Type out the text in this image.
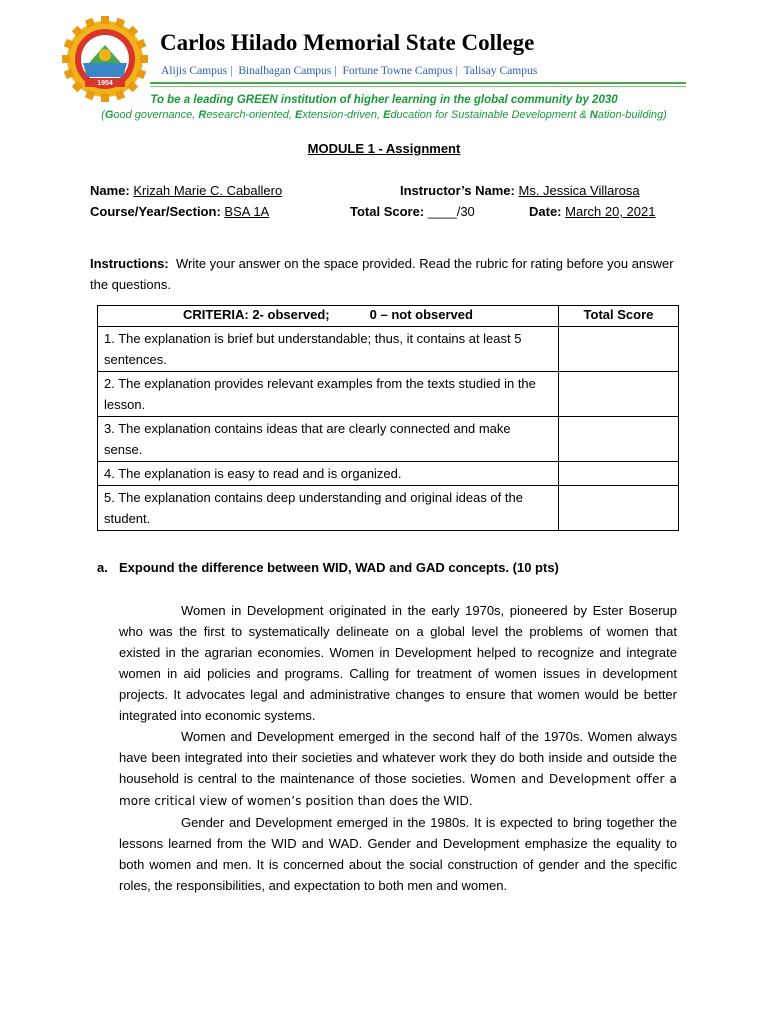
1954
Carlos Hilado Memorial State College
Alijis Campus | Binalbagan Campus | Fortune Towne Campus | Talisay Campus
To be a leading GREEN institution of higher learning in the global community by 2030
(Good governance, Research-oriented, Extension-driven, Education for Sustainable Development & Nation-building)
MODULE 1 - Assignment
Name: Krizah Marie C. Caballero	Instructor’s Name: Ms. Jessica Villarosa
Course/Year/Section: BSA 1A	Total Score: ____/30	Date: March 20, 2021
Instructions: Write your answer on the space provided. Read the rubric for rating before you answer the questions.
CRITERIA: 2- observed; 0 – not observed	Total Score
1. The explanation is brief but understandable; thus, it contains at least 5 sentences.	
2. The explanation provides relevant examples from the texts studied in the lesson.	
3. The explanation contains ideas that are clearly connected and make sense.	
4. The explanation is easy to read and is organized.	
5. The explanation contains deep understanding and original ideas of the student.	
a. Expound the difference between WID, WAD and GAD concepts. (10 pts)

Women in Development originated in the early 1970s, pioneered by Ester Boserup who was the first to systematically delineate on a global level the problems of women that existed in the agrarian economies. Women in Development helped to recognize and integrate women in aid policies and programs. Calling for treatment of women issues in development projects. It advocates legal and administrative changes to ensure that women would be better integrated into economic systems.

Women and Development emerged in the second half of the 1970s. Women always have been integrated into their societies and whatever work they do both inside and outside the household is central to the maintenance of those societies. Women and Development offer a more critical view of women’s position than does the WID.

Gender and Development emerged in the 1980s. It is expected to bring together the lessons learned from the WID and WAD. Gender and Development emphasize the equality to both women and men. It is concerned about the social construction of gender and the specific roles, the responsibilities, and expectation to both men and women.
